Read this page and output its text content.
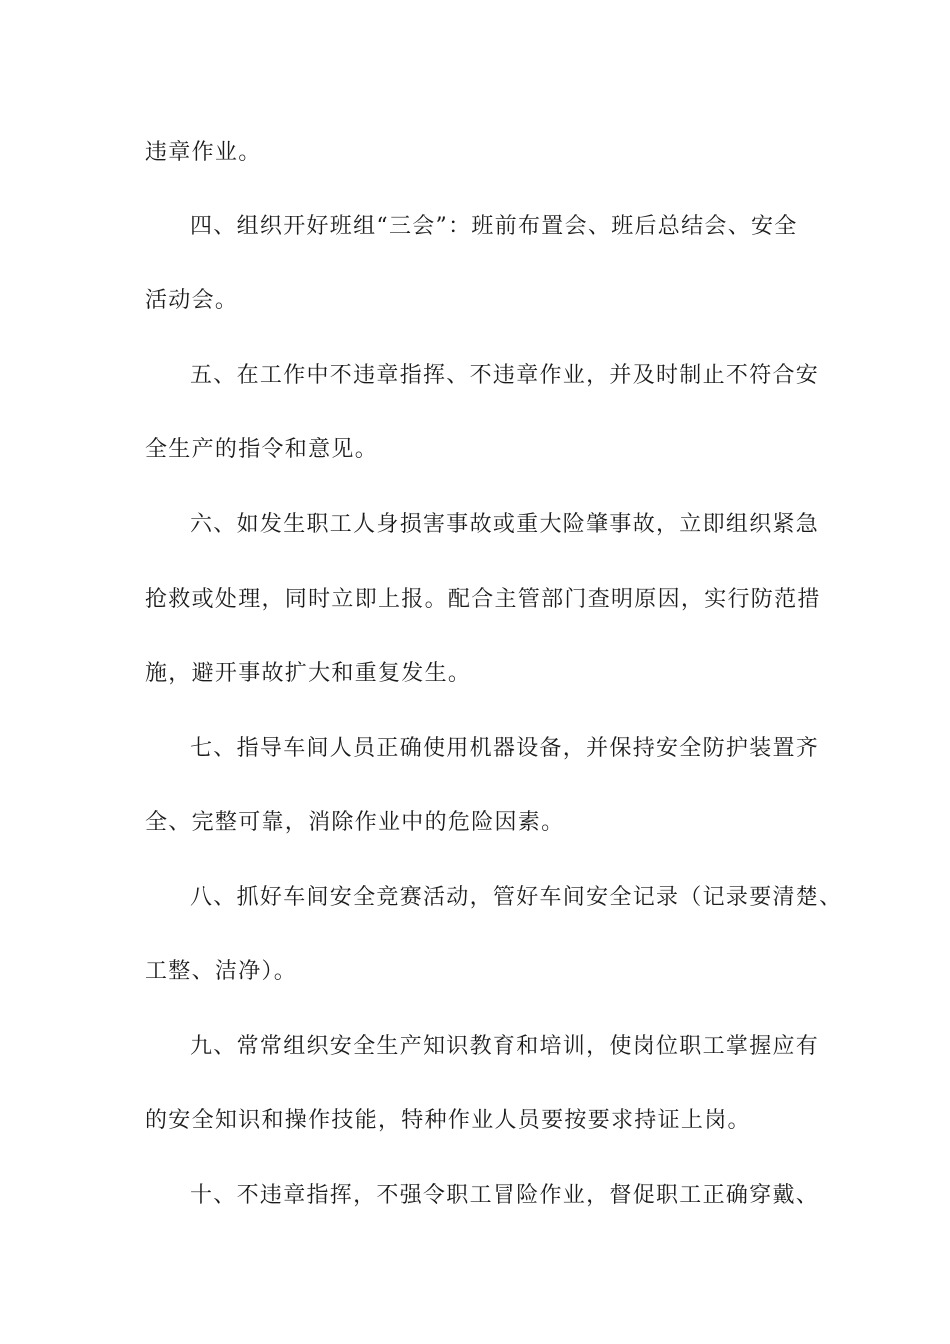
违章作业。
四、组织开好班组“三会”：班前布置会、班后总结会、安全
活动会。
五、在工作中不违章指挥、不违章作业，并及时制止不符合安
全生产的指令和意见。
六、如发生职工人身损害事故或重大险肇事故，立即组织紧急
抢救或处理，同时立即上报。配合主管部门查明原因，实行防范措
施，避开事故扩大和重复发生。
七、指导车间人员正确使用机器设备，并保持安全防护装置齐
全、完整可靠，消除作业中的危险因素。
八、抓好车间安全竞赛活动，管好车间安全记录（记录要清楚、
工整、洁净）。
九、常常组织安全生产知识教育和培训，使岗位职工掌握应有
的安全知识和操作技能，特种作业人员要按要求持证上岗。
十、不违章指挥，不强令职工冒险作业，督促职工正确穿戴、
